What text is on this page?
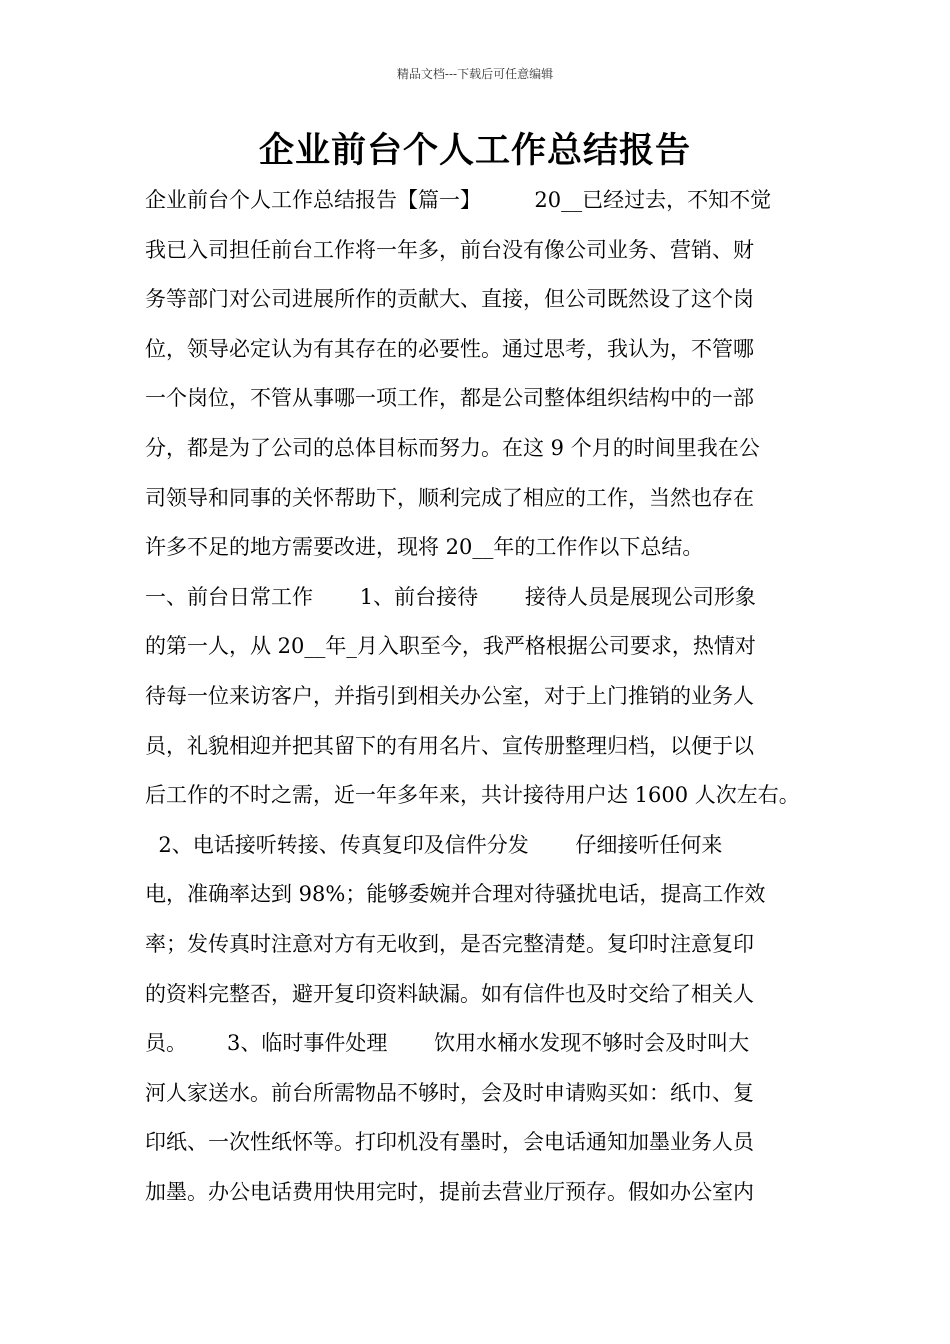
精品文档---下载后可任意编辑
企业前台个人工作总结报告
企业前台个人工作总结报告【篇一】        20__已经过去，不知不觉
我已入司担任前台工作将一年多，前台没有像公司业务、营销、财
务等部门对公司进展所作的贡献大、直接，但公司既然设了这个岗
位，领导必定认为有其存在的必要性。通过思考，我认为，不管哪
一个岗位，不管从事哪一项工作，都是公司整体组织结构中的一部
分，都是为了公司的总体目标而努力。在这 9 个月的时间里我在公
司领导和同事的关怀帮助下，顺利完成了相应的工作，当然也存在
许多不足的地方需要改进，现将 20__年的工作作以下总结。
一、前台日常工作       1、前台接待       接待人员是展现公司形象
的第一人，从 20__年_月入职至今，我严格根据公司要求，热情对
待每一位来访客户，并指引到相关办公室，对于上门推销的业务人
员，礼貌相迎并把其留下的有用名片、宣传册整理归档，以便于以
后工作的不时之需，近一年多年来，共计接待用户达 1600 人次左右。
2、电话接听转接、传真复印及信件分发       仔细接听任何来
电，准确率达到 98%；能够委婉并合理对待骚扰电话，提高工作效
率；发传真时注意对方有无收到，是否完整清楚。复印时注意复印
的资料完整否，避开复印资料缺漏。如有信件也及时交给了相关人
员。      3、临时事件处理       饮用水桶水发现不够时会及时叫大
河人家送水。前台所需物品不够时，会及时申请购买如：纸巾、复
印纸、一次性纸怀等。打印机没有墨时，会电话通知加墨业务人员
加墨。办公电话费用快用完时，提前去营业厅预存。假如办公室内
